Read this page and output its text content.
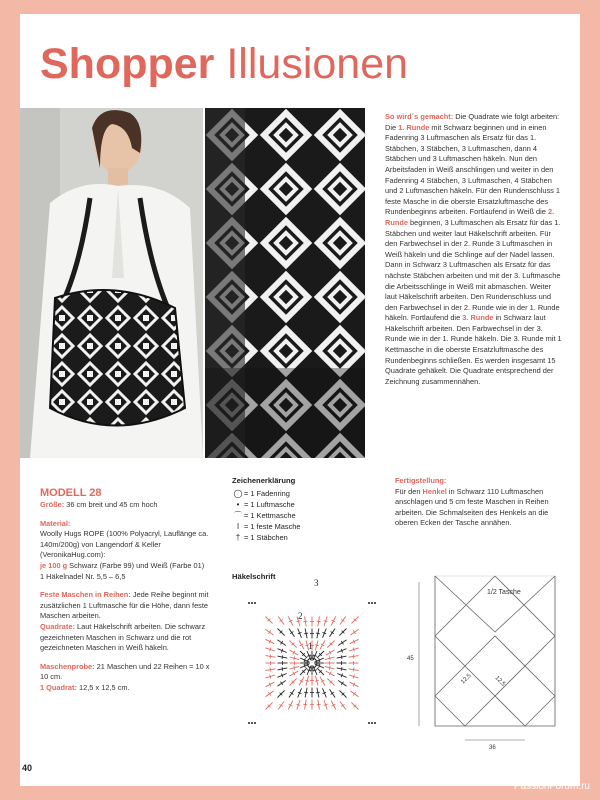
Shopper Illusionen
So wird´s gemacht: Die Quadrate wie folgt arbeiten: Die 1. Runde mit Schwarz beginnen und in einen Fadenring 3 Luftmaschen als Ersatz für das 1. Stäbchen, 3 Stäbchen, 3 Luftmaschen, dann 4 Stäbchen und 3 Luftmaschen häkeln. Nun den Arbeitsfaden in Weiß anschlingen und weiter in den Fadenring 4 Stäbchen, 3 Luftmaschen, 4 Stäbchen und 2 Luftmaschen häkeln. Für den Rundenschluss 1 feste Masche in die oberste Ersatzluftmasche des Rundenbeginns arbeiten. Fortlaufend in Weiß die 2. Runde beginnen, 3 Luftmaschen als Ersatz für das 1. Stäbchen und weiter laut Häkelschrift arbeiten. Für den Farbwechsel in der 2. Runde 3 Luftmaschen in Weiß häkeln und die Schlinge auf der Nadel lassen. Dann in Schwarz 3 Luftmaschen als Ersatz für das nächste Stäbchen arbeiten und mit der 3. Luftmasche die Arbeitsschlinge in Weiß mit abmaschen. Weiter laut Häkelschrift arbeiten. Den Rundenschluss und den Farbwechsel in der 2. Runde wie in der 1. Runde häkeln. Fortlaufend die 3. Runde in Schwarz laut Häkelschrift arbeiten. Den Farbwechsel in der 3. Runde wie in der 1. Runde häkeln. Die 3. Runde mit 1 Kettmasche in die oberste Ersatzluftmasche des Rundenbeginns schließen. Es werden insgesamt 15 Quadrate gehäkelt. Die Quadrate entsprechend der Zeichnung zusammennähen.
MODELL 28

Größe: 36 cm breit und 45 cm hoch

Material:
Woolly Hugs ROPE (100% Polyacryl, Lauflänge ca. 140m/200g) von Langendorf & Keller (VeronikaHug.com):
je 100 g Schwarz (Farbe 99) und Weiß (Farbe 01)
1 Häkelnadel Nr. 5,5 – 6,5

Feste Maschen in Reihen: Jede Reihe beginnt mit zusätzlichen 1 Luftmasche für die Höhe, dann feste Maschen arbeiten.
Quadrate: Laut Häkelschrift arbeiten. Die schwarz gezeichneten Maschen in Schwarz und die rot gezeichneten Maschen in Weiß häkeln.

Maschenprobe: 21 Maschen und 22 Reihen = 10 x 10 cm.
1 Quadrat: 12,5 x 12,5 cm.

Zeichenerklärung
◯ = 1 Fadenring
• = 1 Luftmasche
⌒ = 1 Kettmasche
ǀ = 1 feste Masche
† = 1 Stäbchen
Häkelschrift
1
2
3

Fertigstellung:

Für den Henkel in Schwarz 110 Luftmaschen anschlagen und 5 cm feste Maschen in Reihen arbeiten. Die Schmalseiten des Henkels an die oberen Ecken der Tasche annähen.

1/2 Tasche
45
36
12,5	12,5
40
PassionForum.ru
